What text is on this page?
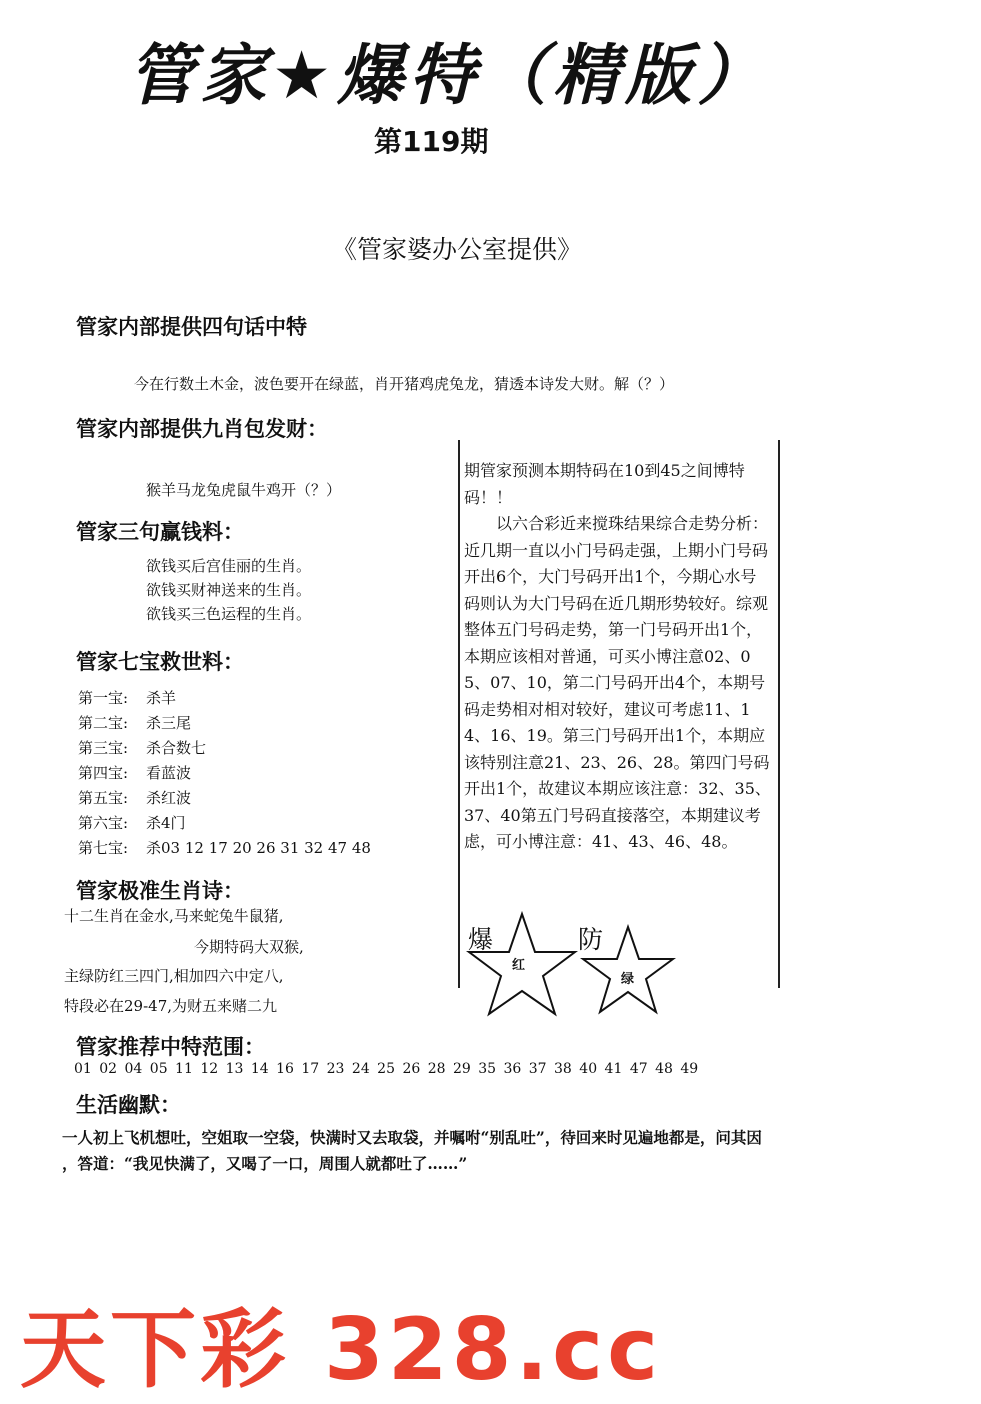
管家★爆特（精版）
第119期
《管家婆办公室提供》
管家内部提供四句话中特
今在行数土木金，波色要开在绿蓝，肖开猪鸡虎兔龙，猜透本诗发大财。解（？）
管家内部提供九肖包发财：
猴羊马龙兔虎鼠牛鸡开（？）
管家三句赢钱料：
欲钱买后宫佳丽的生肖。
欲钱买财神送来的生肖。
欲钱买三色运程的生肖。
管家七宝救世料：
第一宝: 杀羊
第二宝: 杀三尾
第三宝: 杀合数七
第四宝: 看蓝波
第五宝: 杀红波
第六宝: 杀4门
第七宝: 杀03 12 17 20 26 31 32 47 48
管家极准生肖诗：
十二生肖在金水,马来蛇兔牛鼠猪,
今期特码大双猴,
主绿防红三四门,相加四六中定八,
特段必在29-47,为财五来赌二九

期管家预测本期特码在10到45之间博特码！！

以六合彩近来搅珠结果综合走势分析：近几期一直以小门号码走强，上期小门号码开出6个，大门号码开出1个，今期心水号码则认为大门号码在近几期形势较好。综观整体五门号码走势，第一门号码开出1个，本期应该相对普通，可买小博注意02、05、07、10，第二门号码开出4个，本期号码走势相对相对较好，建议可考虑11、14、16、19。第三门号码开出1个，本期应该特别注意21、23、26、28。第四门号码开出1个，故建议本期应该注意：32、35、37、40第五门号码直接落空，本期建议考虑，可小博注意：41、43、46、48。

爆
红
防
绿
管家推荐中特范围：
01 02 04 05 11 12 13 14 16 17 23 24 25 26 28 29 35 36 37 38 40 41 47 48 49
生活幽默：
一人初上飞机想吐，空姐取一空袋，快满时又去取袋，并嘱咐“别乱吐”，待回来时见遍地都是，问其因
，答道：“我见快满了，又喝了一口，周围人就都吐了……”
天下彩 328.cc
